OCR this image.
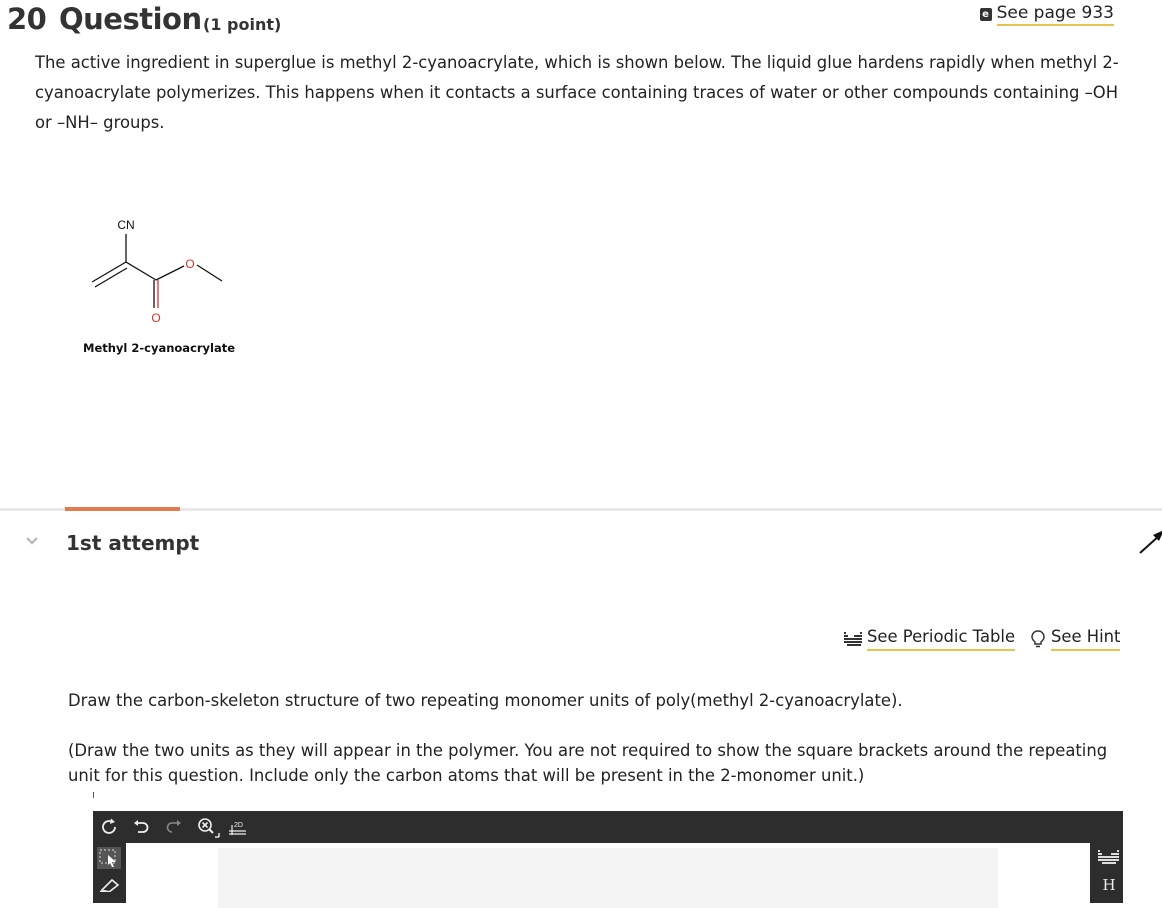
20 Question (1 point)
e See page 933
The active ingredient in superglue is methyl 2-cyanoacrylate, which is shown below. The liquid glue hardens rapidly when methyl 2-cyanoacrylate polymerizes. This happens when it contacts a surface containing traces of water or other compounds containing –OH or –NH– groups.
CN
O
O
Methyl 2-cyanoacrylate
1st attempt
See Periodic Table See Hint
Draw the carbon-skeleton structure of two repeating monomer units of poly(methyl 2-cyanoacrylate).
(Draw the two units as they will appear in the polymer. You are not required to show the square brackets around the repeating unit for this question. Include only the carbon atoms that will be present in the 2-monomer unit.)
2D
H
